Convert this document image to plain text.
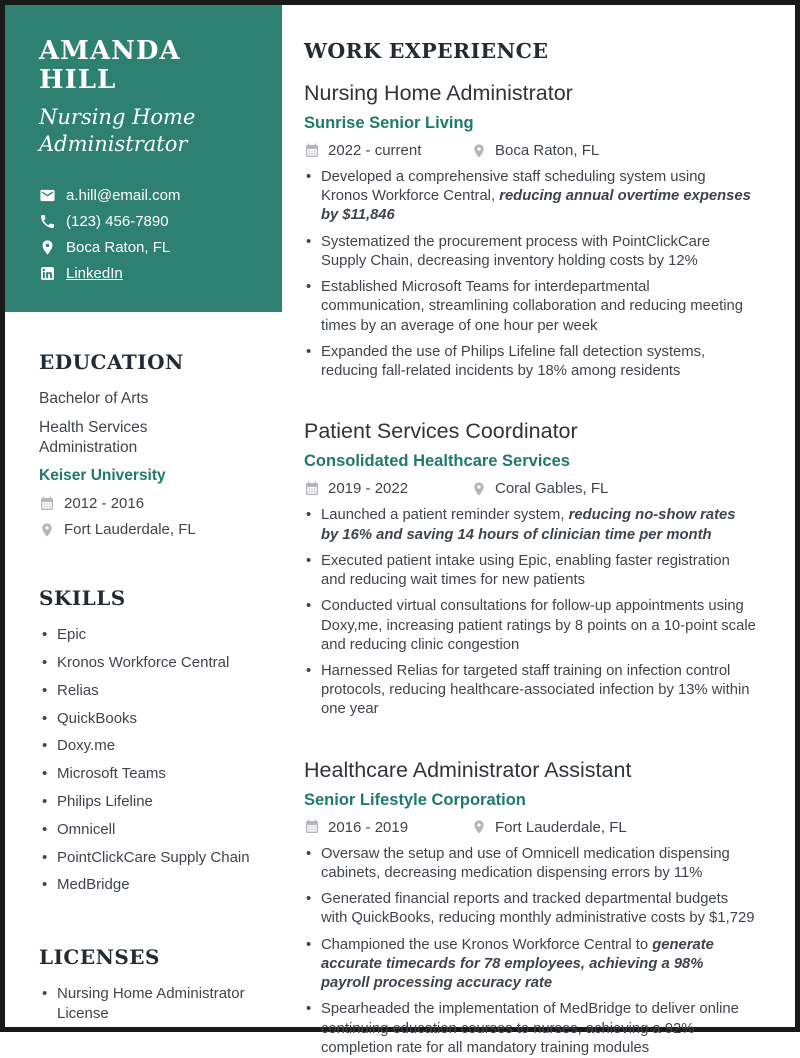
AMANDA HILL
Nursing Home Administrator
a.hill@email.com
(123) 456-7890
Boca Raton, FL
LinkedIn
EDUCATION
Bachelor of Arts
Health Services Administration
Keiser University
2012 - 2016
Fort Lauderdale, FL
SKILLS
• Epic
• Kronos Workforce Central
• Relias
• QuickBooks
• Doxy.me
• Microsoft Teams
• Philips Lifeline
• Omnicell
• PointClickCare Supply Chain
• MedBridge
LICENSES
• Nursing Home Administrator License
WORK EXPERIENCE
Nursing Home Administrator
Sunrise Senior Living
2022 - current	Boca Raton, FL
• Developed a comprehensive staff scheduling system using Kronos Workforce Central, reducing annual overtime expenses by $11,846
• Systematized the procurement process with PointClickCare Supply Chain, decreasing inventory holding costs by 12%
• Established Microsoft Teams for interdepartmental communication, streamlining collaboration and reducing meeting times by an average of one hour per week
• Expanded the use of Philips Lifeline fall detection systems, reducing fall-related incidents by 18% among residents
Patient Services Coordinator
Consolidated Healthcare Services
2019 - 2022	Coral Gables, FL
• Launched a patient reminder system, reducing no-show rates by 16% and saving 14 hours of clinician time per month
• Executed patient intake using Epic, enabling faster registration and reducing wait times for new patients
• Conducted virtual consultations for follow-up appointments using Doxy,me, increasing patient ratings by 8 points on a 10-point scale and reducing clinic congestion
• Harnessed Relias for targeted staff training on infection control protocols, reducing healthcare-associated infection by 13% within one year
Healthcare Administrator Assistant
Senior Lifestyle Corporation
2016 - 2019	Fort Lauderdale, FL
• Oversaw the setup and use of Omnicell medication dispensing cabinets, decreasing medication dispensing errors by 11%
• Generated financial reports and tracked departmental budgets with QuickBooks, reducing monthly administrative costs by $1,729
• Championed the use Kronos Workforce Central to generate accurate timecards for 78 employees, achieving a 98% payroll processing accuracy rate
• Spearheaded the implementation of MedBridge to deliver online continuing education courses to nurses, achieving a 92% completion rate for all mandatory training modules
